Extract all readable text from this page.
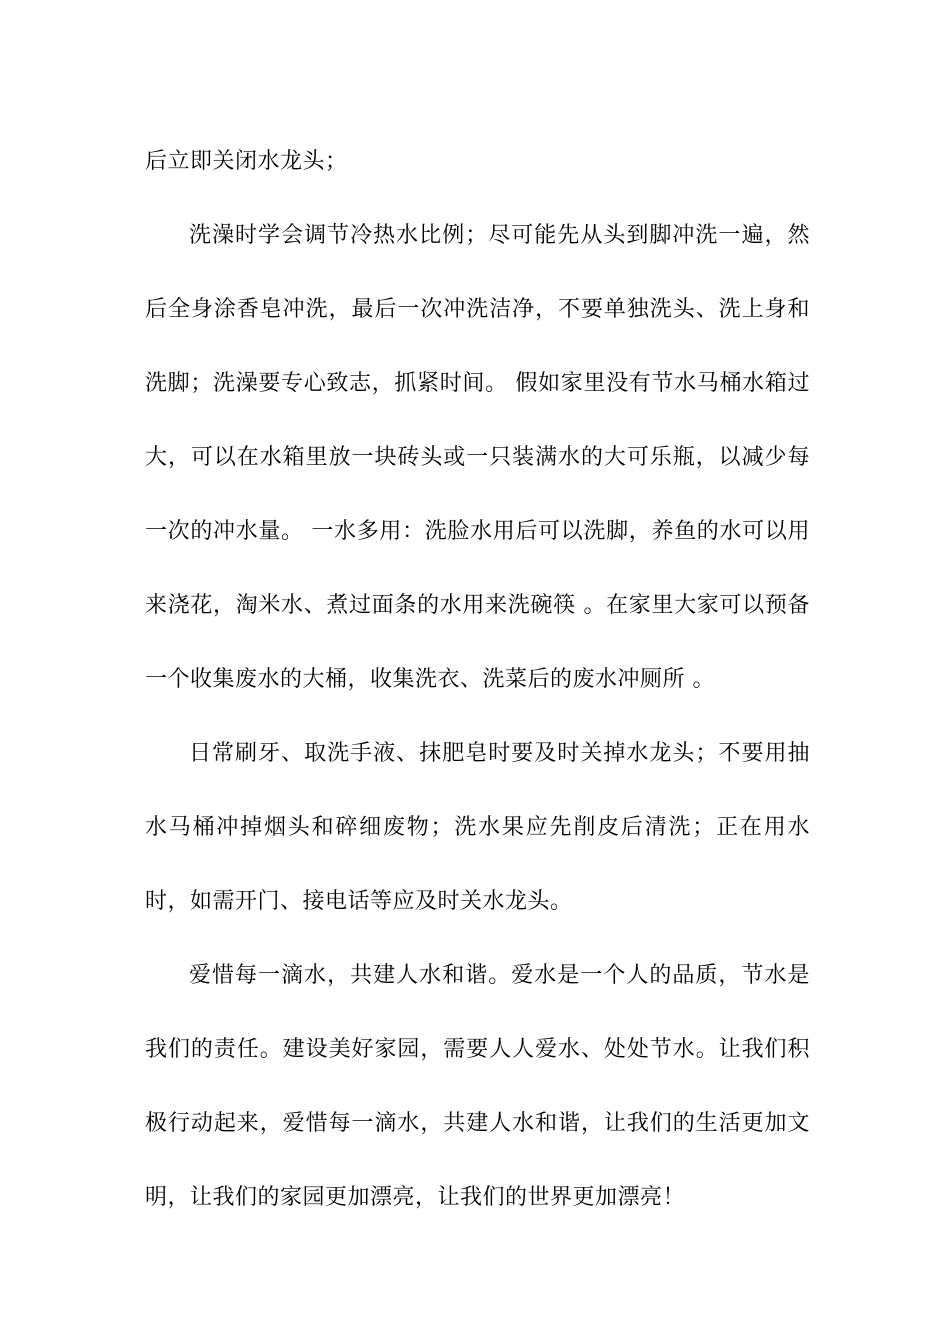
后立即关闭水龙头；

洗澡时学会调节冷热水比例；尽可能先从头到脚冲洗一遍，然后全身涂香皂冲洗，最后一次冲洗洁净，不要单独洗头、洗上身和洗脚；洗澡要专心致志，抓紧时间。 假如家里没有节水马桶水箱过大，可以在水箱里放一块砖头或一只装满水的大可乐瓶，以减少每一次的冲水量。 一水多用：洗脸水用后可以洗脚，养鱼的水可以用来浇花，淘米水、煮过面条的水用来洗碗筷 。在家里大家可以预备一个收集废水的大桶，收集洗衣、洗菜后的废水冲厕所 。

日常刷牙、取洗手液、抹肥皂时要及时关掉水龙头；不要用抽水马桶冲掉烟头和碎细废物；洗水果应先削皮后清洗；正在用水时，如需开门、接电话等应及时关水龙头。

爱惜每一滴水，共建人水和谐。爱水是一个人的品质，节水是我们的责任。建设美好家园，需要人人爱水、处处节水。让我们积极行动起来，爱惜每一滴水，共建人水和谐，让我们的生活更加文明，让我们的家园更加漂亮，让我们的世界更加漂亮！
